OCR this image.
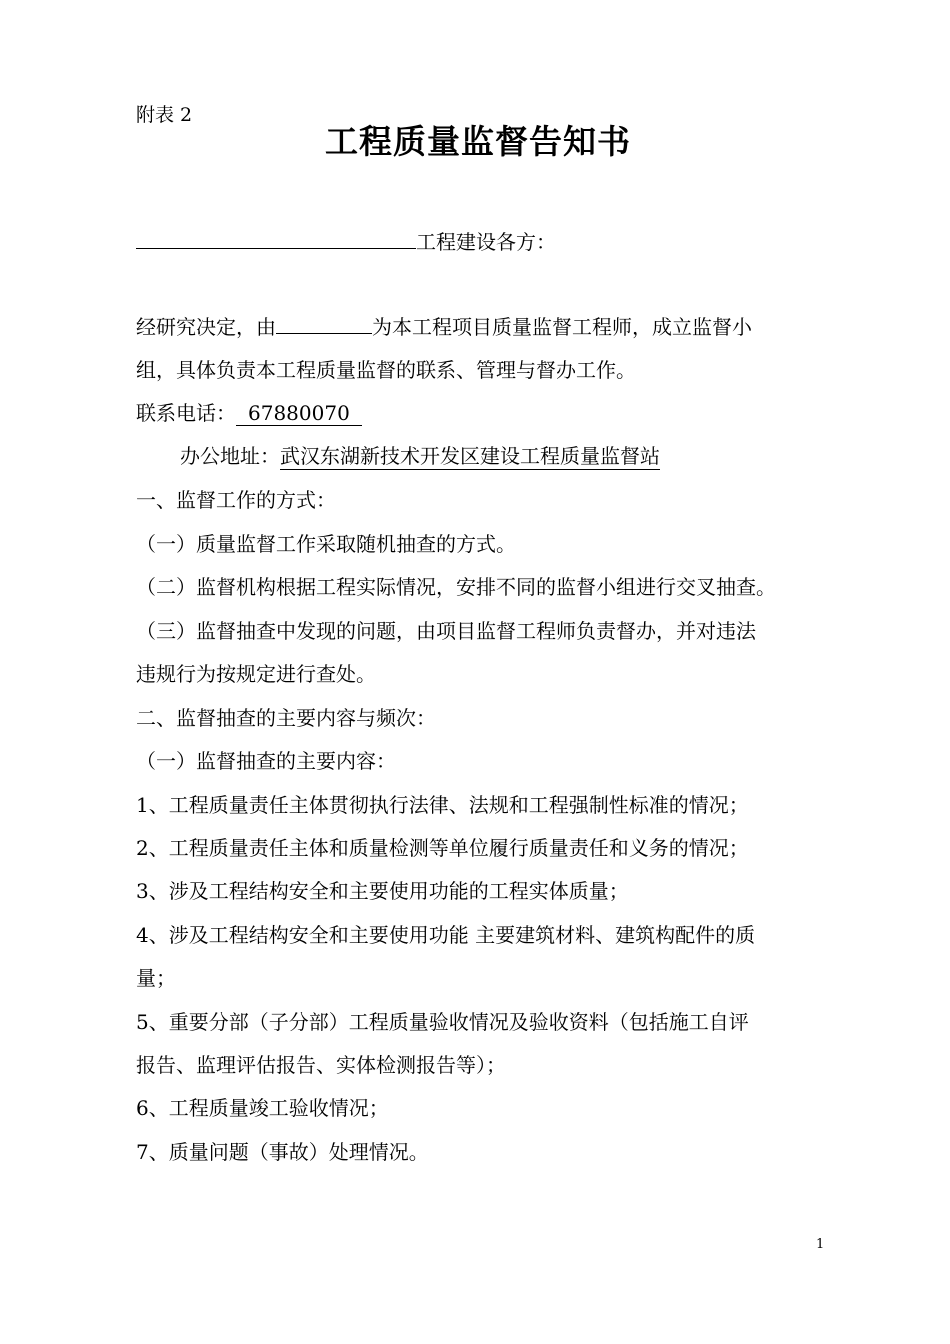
附表 2
工程质量监督告知书
工程建设各方：
经研究决定，由	为本工程项目质量监督工程师，成立监督小
组，具体负责本工程质量监督的联系、管理与督办工作。
联系电话： 67880070
办公地址：武汉东湖新技术开发区建设工程质量监督站
一、监督工作的方式：
（一）质量监督工作采取随机抽查的方式。
（二）监督机构根据工程实际情况，安排不同的监督小组进行交叉抽查。
（三）监督抽查中发现的问题，由项目监督工程师负责督办，并对违法
违规行为按规定进行查处。
二、监督抽查的主要内容与频次：
（一）监督抽查的主要内容：
1、工程质量责任主体贯彻执行法律、法规和工程强制性标准的情况；
2、工程质量责任主体和质量检测等单位履行质量责任和义务的情况；
3、涉及工程结构安全和主要使用功能的工程实体质量；
4、涉及工程结构安全和主要使用功能 主要建筑材料、建筑构配件的质
量；
5、重要分部（子分部）工程质量验收情况及验收资料（包括施工自评
报告、监理评估报告、实体检测报告等）；
6、工程质量竣工验收情况；
7、质量问题（事故）处理情况。
1
